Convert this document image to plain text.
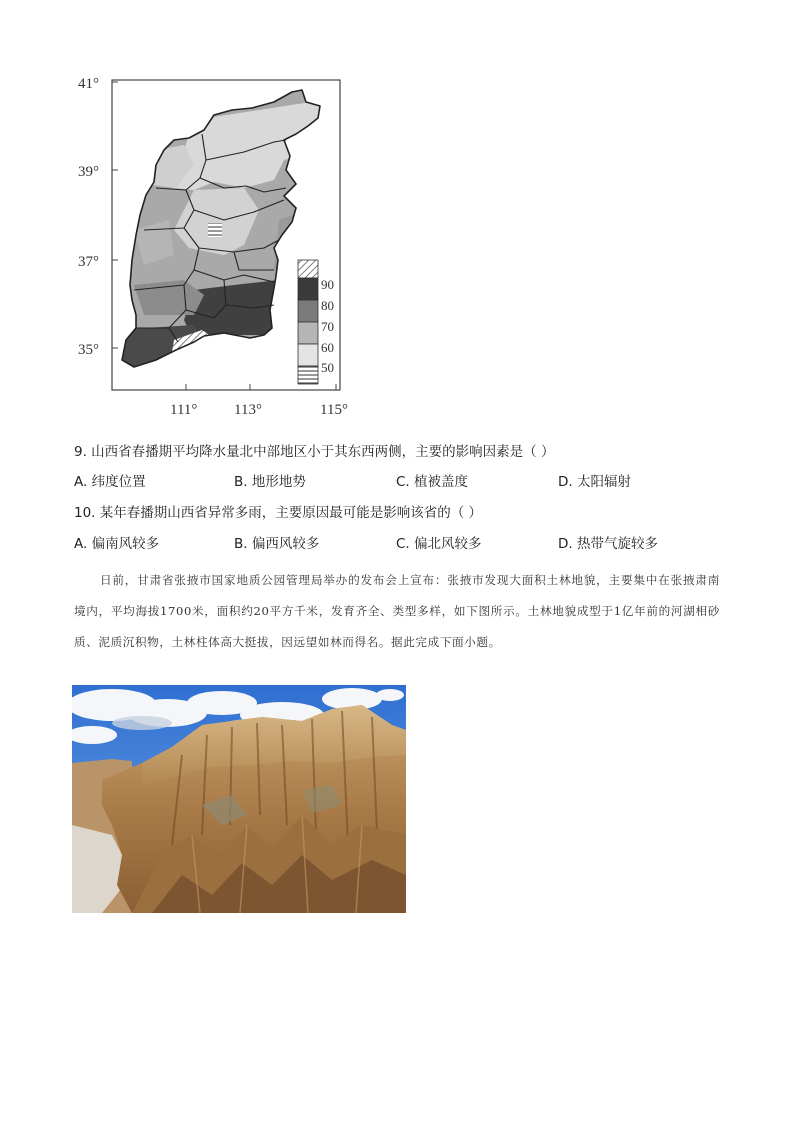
90
80
70
60
50
41°
39°
37°
35°
111° 113°	115°
9. 山西省春播期平均降水量北中部地区小于其东西两侧，主要的影响因素是（ ）
A. 纬度位置	B. 地形地势	C. 植被盖度	D. 太阳辐射
10. 某年春播期山西省异常多雨，主要原因最可能是影响该省的（ ）
A. 偏南风较多	B. 偏西风较多	C. 偏北风较多	D. 热带气旋较多
日前，甘肃省张掖市国家地质公园管理局举办的发布会上宣布：张掖市发现大面积土林地貌，主要集中在张掖肃南境内，平均海拔1700米，面积约20平方千米，发育齐全、类型多样，如下图所示。土林地貌成型于1亿年前的河湖相砂质、泥质沉积物，土林柱体高大挺拔，因远望如林而得名。据此完成下面小题。
